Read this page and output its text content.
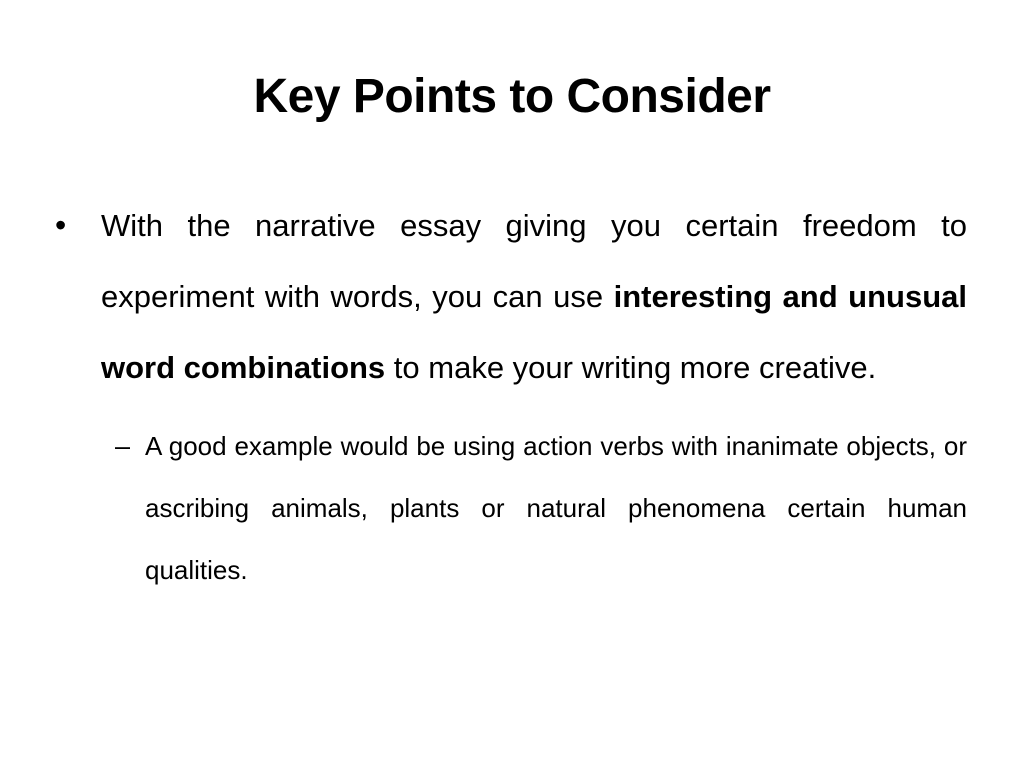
Key Points to Consider
• With the narrative essay giving you certain freedom to experiment with words, you can use interesting and unusual word combinations to make your writing more creative.
– A good example would be using action verbs with inanimate objects, or ascribing animals, plants or natural phenomena certain human qualities.
